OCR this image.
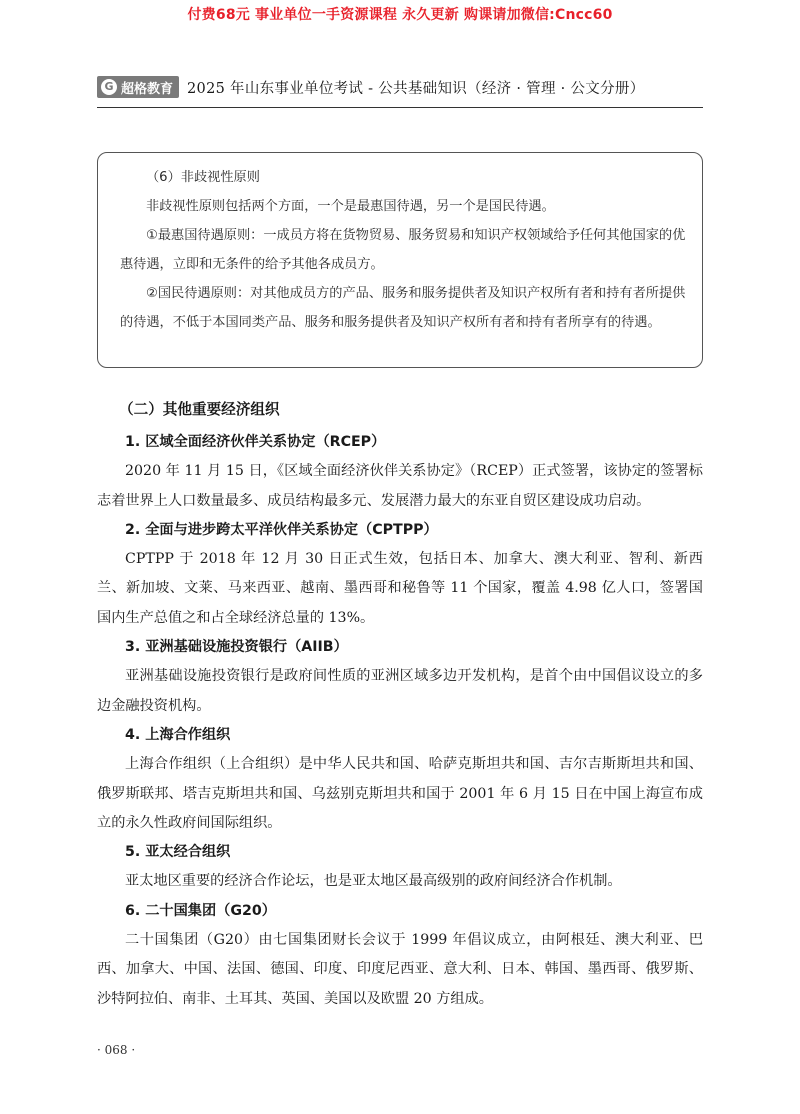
付费68元 事业单位一手资源课程 永久更新 购课请加微信:Cncc60
G 超格教育 2025 年山东事业单位考试 - 公共基础知识（经济 · 管理 · 公文分册）

（6）非歧视性原则

非歧视性原则包括两个方面，一个是最惠国待遇，另一个是国民待遇。

①最惠国待遇原则：一成员方将在货物贸易、服务贸易和知识产权领域给予任何其他国家的优惠待遇，立即和无条件的给予其他各成员方。

②国民待遇原则：对其他成员方的产品、服务和服务提供者及知识产权所有者和持有者所提供的待遇，不低于本国同类产品、服务和服务提供者及知识产权所有者和持有者所享有的待遇。

（二）其他重要经济组织
1. 区域全面经济伙伴关系协定（RCEP）

2020 年 11 月 15 日，《区域全面经济伙伴关系协定》（RCEP）正式签署，该协定的签署标志着世界上人口数量最多、成员结构最多元、发展潜力最大的东亚自贸区建设成功启动。

2. 全面与进步跨太平洋伙伴关系协定（CPTPP）

CPTPP 于 2018 年 12 月 30 日正式生效，包括日本、加拿大、澳大利亚、智利、新西兰、新加坡、文莱、马来西亚、越南、墨西哥和秘鲁等 11 个国家，覆盖 4.98 亿人口，签署国国内生产总值之和占全球经济总量的 13%。

3. 亚洲基础设施投资银行（AIIB）

亚洲基础设施投资银行是政府间性质的亚洲区域多边开发机构，是首个由中国倡议设立的多边金融投资机构。

4. 上海合作组织

上海合作组织（上合组织）是中华人民共和国、哈萨克斯坦共和国、吉尔吉斯斯坦共和国、俄罗斯联邦、塔吉克斯坦共和国、乌兹别克斯坦共和国于 2001 年 6 月 15 日在中国上海宣布成立的永久性政府间国际组织。

5. 亚太经合组织

亚太地区重要的经济合作论坛，也是亚太地区最高级别的政府间经济合作机制。

6. 二十国集团（G20）

二十国集团（G20）由七国集团财长会议于 1999 年倡议成立，由阿根廷、澳大利亚、巴西、加拿大、中国、法国、德国、印度、印度尼西亚、意大利、日本、韩国、墨西哥、俄罗斯、沙特阿拉伯、南非、土耳其、英国、美国以及欧盟 20 方组成。

· 068 ·
